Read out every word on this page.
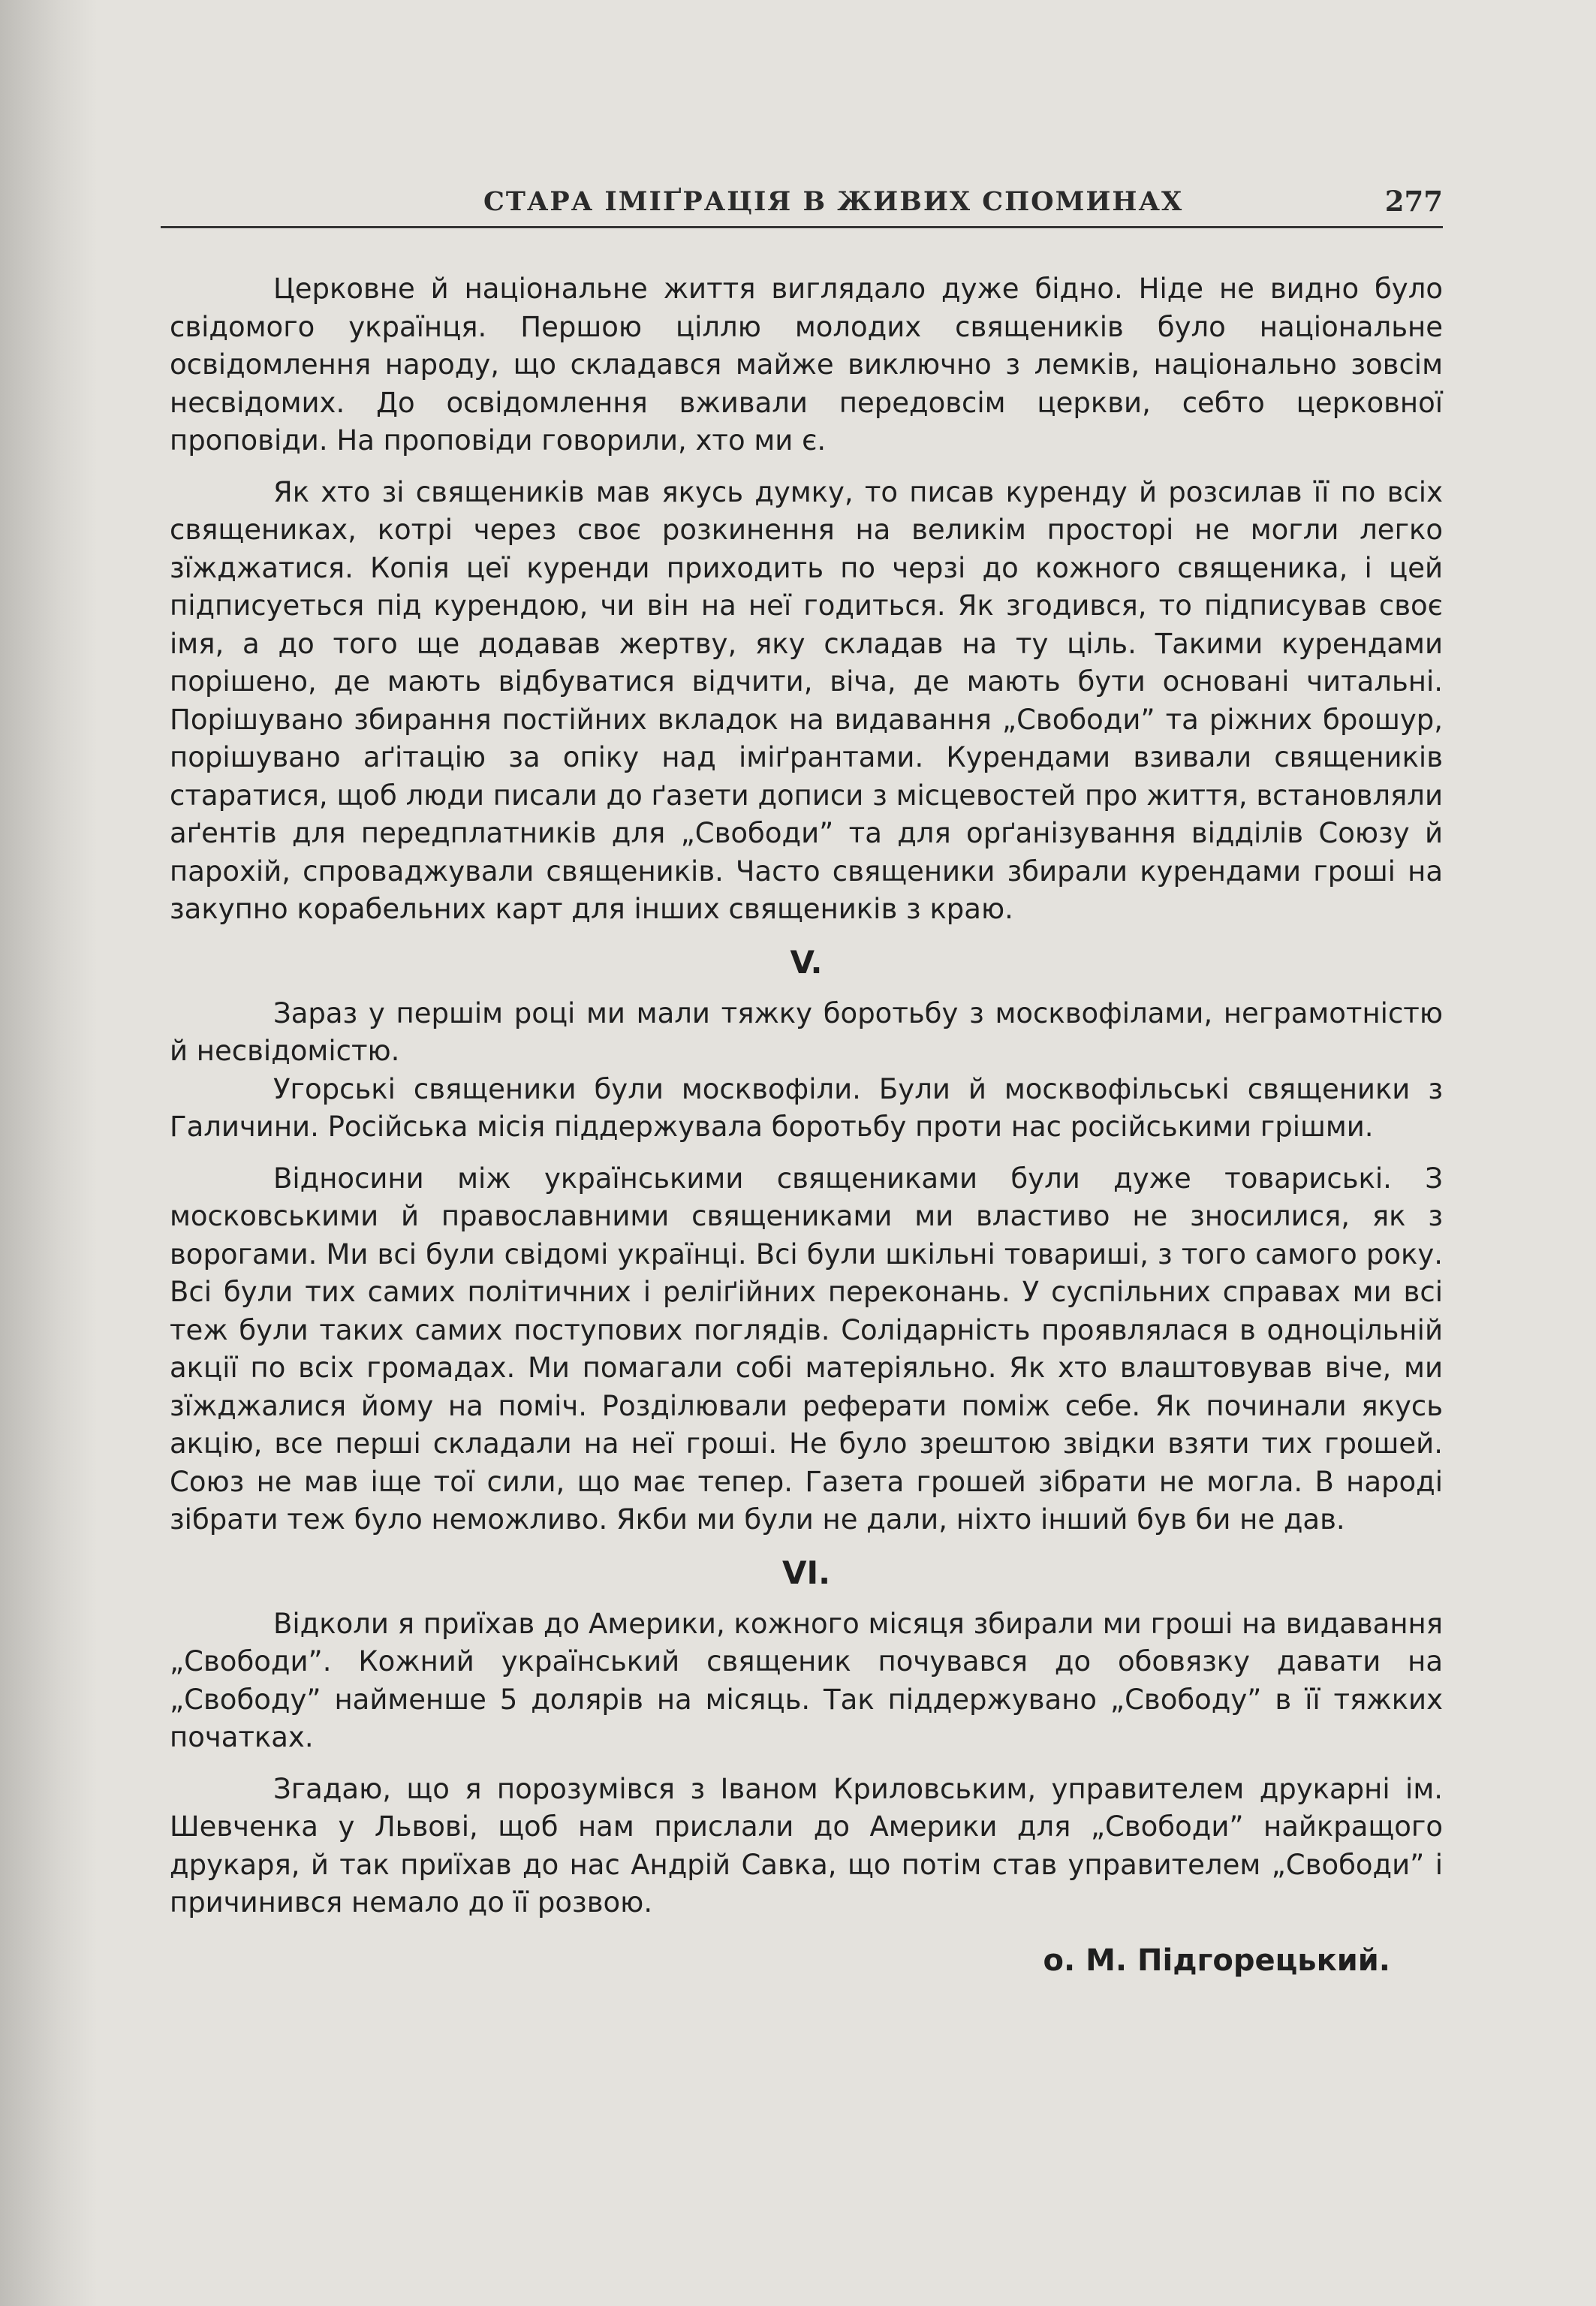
СТАРА ІМІҐРАЦІЯ В ЖИВИХ СПОМИНАХ	277

Церковне й національне життя виглядало дуже бідно. Ніде не видно було свідомого українця. Першою ціллю молодих священиків було національне освідомлення народу, що складався майже виключно з лемків, національно зовсім несвідомих. До освідомлення вживали передовсім церкви, себто церковної проповіди. На проповіди говорили, хто ми є.

Як хто зі священиків мав якусь думку, то писав куренду й розсилав її по всіх священиках, котрі через своє розкинення на великім просторі не могли легко зїжджатися. Копія цеї куренди приходить по черзі до кожного священика, і цей підписуеться під курендою, чи він на неї годиться. Як згодився, то підписував своє імя, а до того ще додавав жертву, яку складав на ту ціль. Такими курендами порішено, де мають відбуватися відчити, віча, де мають бути основані читальні. Порішувано збирання постійних вкладок на видавання „Свободи” та ріжних брошур, порішувано аґітацію за опіку над іміґрантами. Курендами взивали священиків старатися, щоб люди писали до ґазети дописи з місцевостей про життя, встановляли аґентів для передплатників для „Свободи” та для орґанізування відділів Союзу й парохій, спроваджували священиків. Часто священики збирали курендами гроші на закупно корабельних карт для інших священиків з краю.

V.

Зараз у першім році ми мали тяжку боротьбу з москвофілами, неграмотністю й несвідомістю.

Угорські священики були москвофіли. Були й москвофільські священики з Галичини. Російська місія піддержувала боротьбу проти нас російськими грішми.

Відносини між українськими священиками були дуже товариські. З московськими й православними священиками ми властиво не зносилися, як з ворогами. Ми всі були свідомі українці. Всі були шкільні товариші, з того самого року. Всі були тих самих політичних і реліґійних переконань. У суспільних справах ми всі теж були таких самих поступових поглядів. Солідарність проявлялася в одноцільній акції по всіх громадах. Ми помагали собі матеріяльно. Як хто влаштовував віче, ми зїжджалися йому на поміч. Розділювали реферати поміж себе. Як починали якусь акцію, все перші складали на неї гроші. Не було зрештою звідки взяти тих грошей. Союз не мав іще тої сили, що має тепер. Газета грошей зібрати не могла. В народі зібрати теж було неможливо. Якби ми були не дали, ніхто інший був би не дав.

VI.

Відколи я приїхав до Америки, кожного місяця збирали ми гроші на видавання „Свободи”. Кожний український священик почувався до обовязку давати на „Свободу” найменше 5 долярів на місяць. Так піддержувано „Свободу” в її тяжких початках.

Згадаю, що я порозумівся з Іваном Криловським, управителем друкарні ім. Шевченка у Львові, щоб нам прислали до Америки для „Свободи” найкращого друкаря, й так приїхав до нас Андрій Савка, що потім став управителем „Свободи” і причинився немало до її розвою.

о. М. Підгорецький.
